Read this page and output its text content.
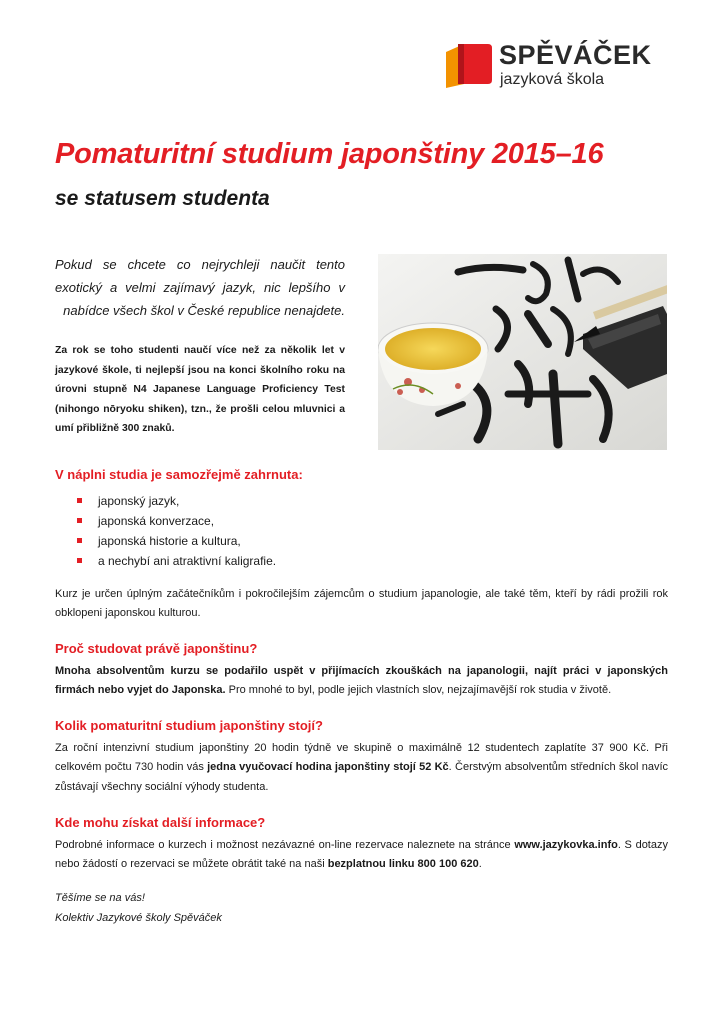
SPĚVÁČEK
jazyková škola
Pomaturitní studium japonštiny 2015–16
se statusem studenta

Pokud se chcete co nejrychleji naučit tento exotický a velmi zajímavý jazyk, nic lepšího v nabídce všech škol v České republice nenajdete.

Za rok se toho studenti naučí více než za několik let v jazykové škole, ti nejlepší jsou na konci školního roku na úrovni stupně N4 Japanese Language Proficiency Test (nihongo nōryoku shiken), tzn., že prošli celou mluvnici a umí přibližně 300 znaků.
V náplni studia je samozřejmě zahrnuta:
japonský jazyk,
japonská konverzace,
japonská historie a kultura,
a nechybí ani atraktivní kaligrafie.
Kurz je určen úplným začátečníkům i pokročilejším zájemcům o studium japanologie, ale také těm, kteří by rádi prožili rok obklopeni japonskou kulturou.
Proč studovat právě japonštinu?
Mnoha absolventům kurzu se podařilo uspět v přijímacích zkouškách na japanologii, najít práci v japonských firmách nebo vyjet do Japonska. Pro mnohé to byl, podle jejich vlastních slov, nejzajímavější rok studia v životě.
Kolik pomaturitní studium japonštiny stojí?
Za roční intenzivní studium japonštiny 20 hodin týdně ve skupině o maximálně 12 studentech zaplatíte 37 900 Kč. Při celkovém počtu 730 hodin vás jedna vyučovací hodina japonštiny stojí 52 Kč. Čerstvým absolventům středních škol navíc zůstávají všechny sociální výhody studenta.
Kde mohu získat další informace?
Podrobné informace o kurzech i možnost nezávazné on-line rezervace naleznete na stránce www.jazykovka.info. S dotazy nebo žádostí o rezervaci se můžete obrátit také na naši bezplatnou linku 800 100 620.
Těšíme se na vás!
Kolektiv Jazykové školy Spěváček
